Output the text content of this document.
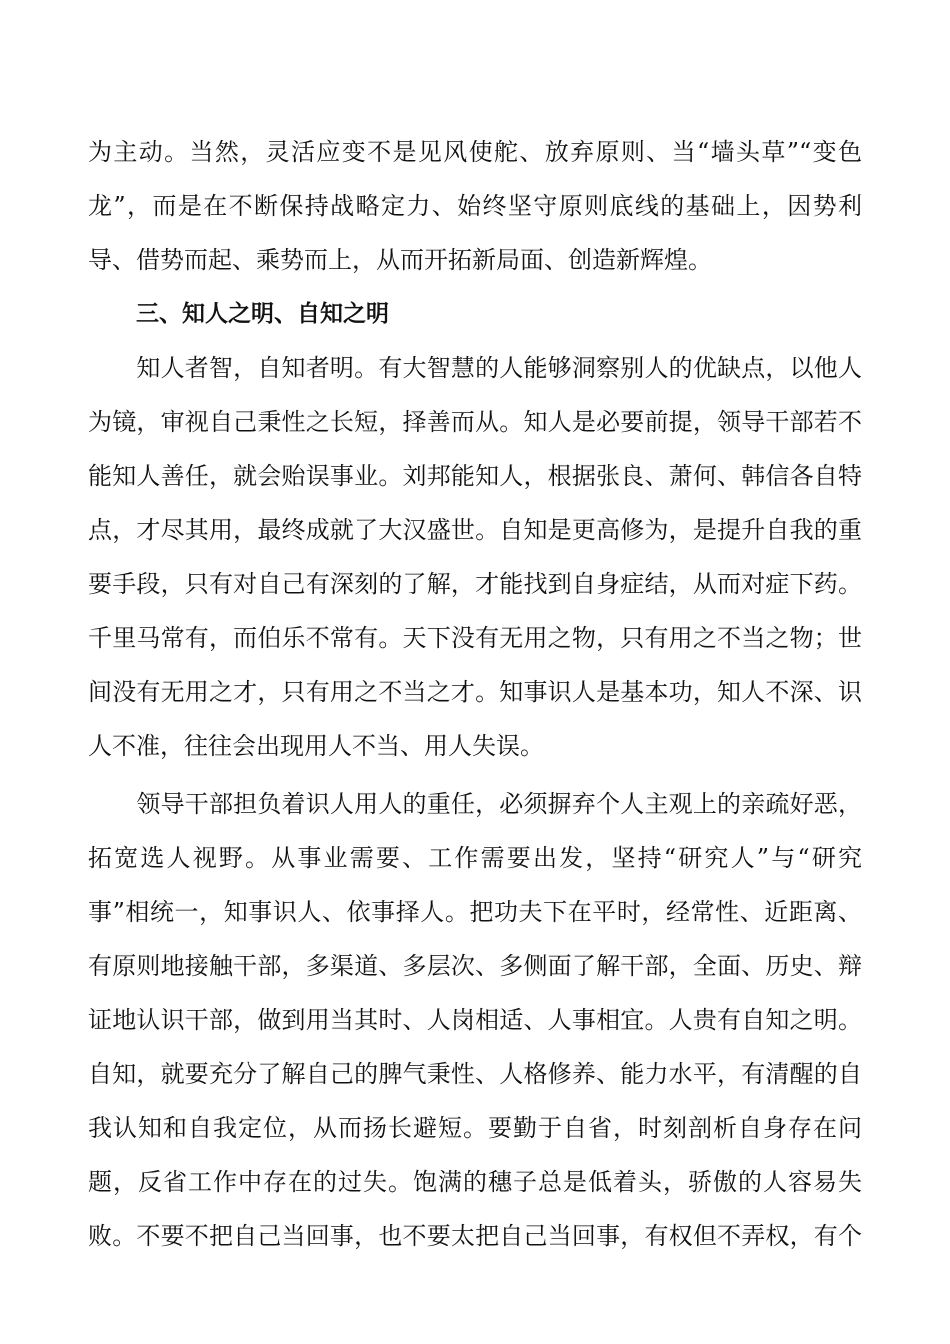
为主动。当然，灵活应变不是见风使舵、放弃原则、当“墙头草”“变色
龙”，而是在不断保持战略定力、始终坚守原则底线的基础上，因势利
导、借势而起、乘势而上，从而开拓新局面、创造新辉煌。
三、知人之明、自知之明
　　知人者智，自知者明。有大智慧的人能够洞察别人的优缺点，以他人
为镜，审视自己秉性之长短，择善而从。知人是必要前提，领导干部若不
能知人善任，就会贻误事业。刘邦能知人，根据张良、萧何、韩信各自特
点，才尽其用，最终成就了大汉盛世。自知是更高修为，是提升自我的重
要手段，只有对自己有深刻的了解，才能找到自身症结，从而对症下药。
千里马常有，而伯乐不常有。天下没有无用之物，只有用之不当之物；世
间没有无用之才，只有用之不当之才。知事识人是基本功，知人不深、识
人不准，往往会出现用人不当、用人失误。
　　领导干部担负着识人用人的重任，必须摒弃个人主观上的亲疏好恶，
拓宽选人视野。从事业需要、工作需要出发，坚持“研究人”与“研究
事”相统一，知事识人、依事择人。把功夫下在平时，经常性、近距离、
有原则地接触干部，多渠道、多层次、多侧面了解干部，全面、历史、辩
证地认识干部，做到用当其时、人岗相适、人事相宜。人贵有自知之明。
自知，就要充分了解自己的脾气秉性、人格修养、能力水平，有清醒的自
我认知和自我定位，从而扬长避短。要勤于自省，时刻剖析自身存在问
题，反省工作中存在的过失。饱满的穗子总是低着头，骄傲的人容易失
败。不要不把自己当回事，也不要太把自己当回事，有权但不弄权，有个
